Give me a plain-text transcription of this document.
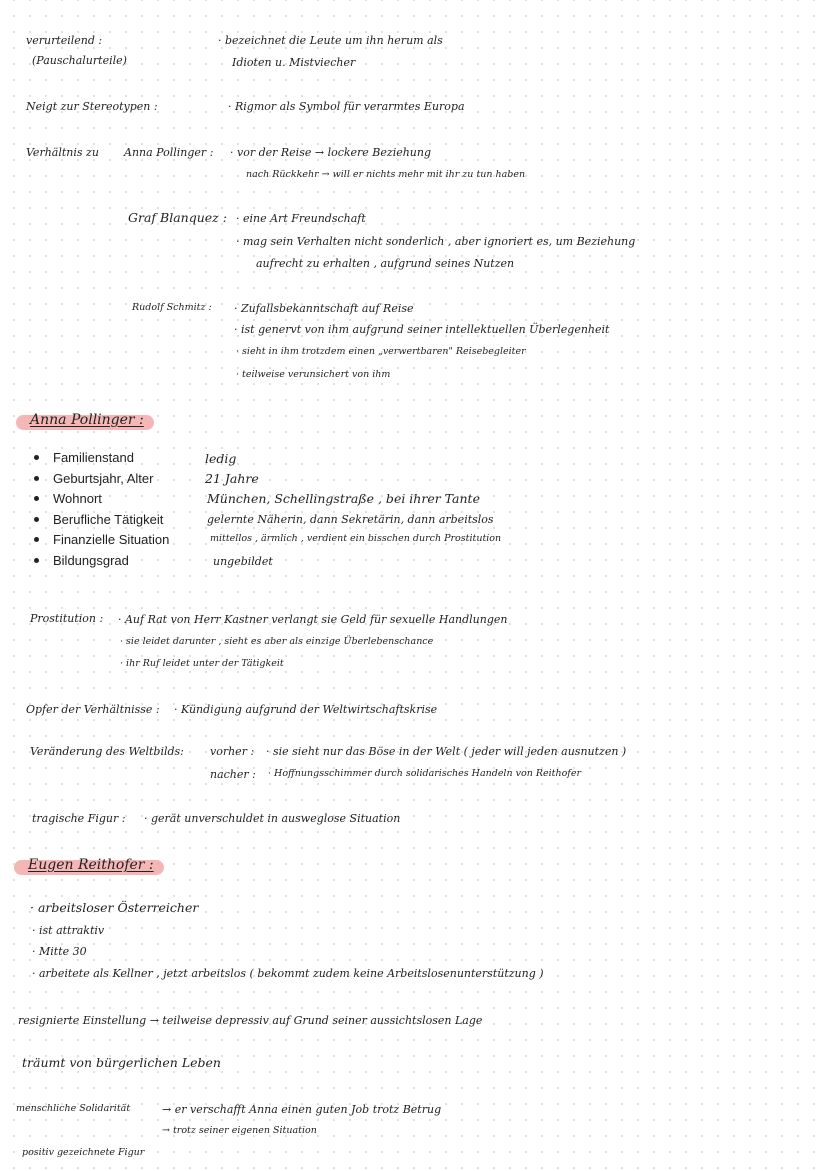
verurteilend :
(Pauschalurteile)
· bezeichnet die Leute um ihn herum als
Idioten u. Mistviecher
Neigt zur Stereotypen :	· Rigmor als Symbol für verarmtes Europa
Verhältnis zu Anna Pollinger : · vor der Reise → lockere Beziehung
nach Rückkehr → will er nichts mehr mit ihr zu tun haben
Graf Blanquez : · eine Art Freundschaft
· mag sein Verhalten nicht sonderlich , aber ignoriert es, um Beziehung
aufrecht zu erhalten , aufgrund seines Nutzen
Rudolf Schmitz : · Zufallsbekanntschaft auf Reise
· ist genervt von ihm aufgrund seiner intellektuellen Überlegenheit
· sieht in ihm trotzdem einen „verwertbaren" Reisebegleiter
· teilweise verunsichert von ihm
Anna Pollinger :
Familienstand
Geburtsjahr, Alter
Wohnort
Berufliche Tätigkeit
Finanzielle Situation
Bildungsgrad
ledig
21 Jahre
München, Schellingstraße , bei ihrer Tante
gelernte Näherin, dann Sekretärin, dann arbeitslos
mittellos , ärmlich , verdient ein bisschen durch Prostitution
ungebildet
Prostitution : · Auf Rat von Herr Kastner verlangt sie Geld für sexuelle Handlungen
· sie leidet darunter , sieht es aber als einzige Überlebenschance
· ihr Ruf leidet unter der Tätigkeit
Opfer der Verhältnisse : · Kündigung aufgrund der Weltwirtschaftskrise
Veränderung des Weltbilds: vorher : · sie sieht nur das Böse in der Welt ( jeder will jeden ausnutzen )
nacher : · Hoffnungsschimmer durch solidarisches Handeln von Reithofer
tragische Figur : · gerät unverschuldet in ausweglose Situation
Eugen Reithofer :
· arbeitsloser Österreicher
· ist attraktiv
· Mitte 30
· arbeitete als Kellner , jetzt arbeitslos ( bekommt zudem keine Arbeitslosenunterstützung )
resignierte Einstellung → teilweise depressiv auf Grund seiner aussichtslosen Lage
träumt von bürgerlichen Leben
menschliche Solidarität	→ er verschafft Anna einen guten Job trotz Betrug
→ trotz seiner eigenen Situation
positiv gezeichnete Figur
